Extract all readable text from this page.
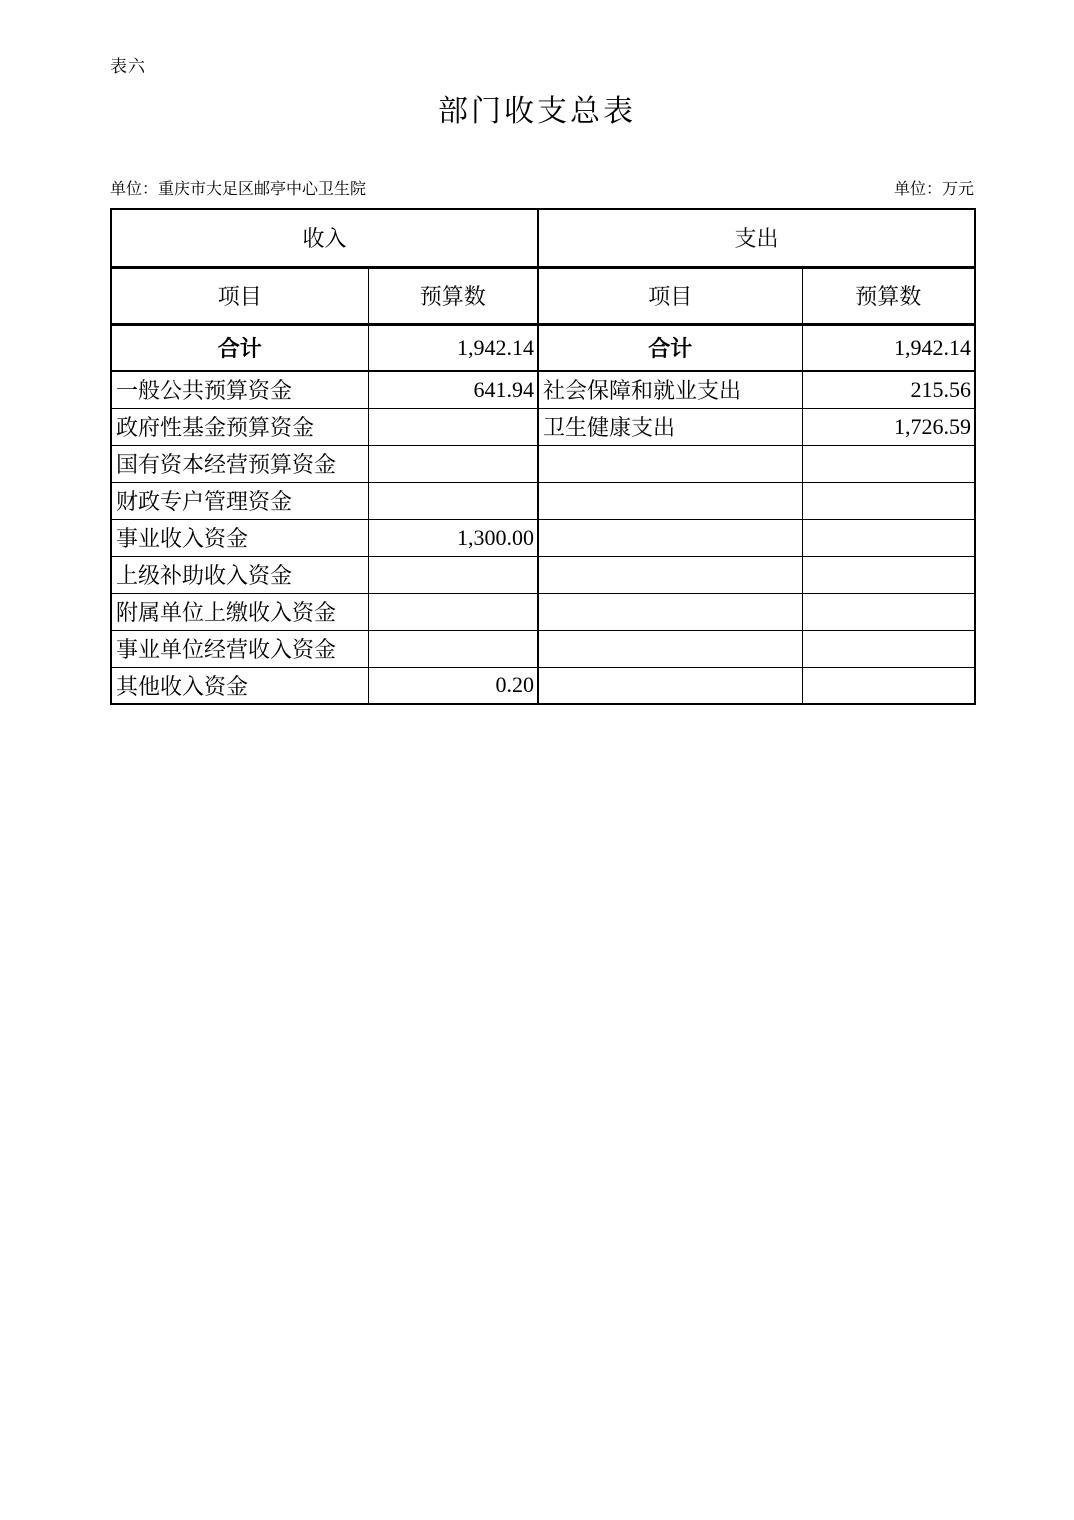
表六
部门收支总表
单位：重庆市大足区邮亭中心卫生院	单位：万元
收入		支出	
项目	预算数	项目	预算数
合计	1,942.14	合计	1,942.14
一般公共预算资金	641.94	社会保障和就业支出	215.56
政府性基金预算资金		卫生健康支出	1,726.59
国有资本经营预算资金			
财政专户管理资金			
事业收入资金	1,300.00		
上级补助收入资金			
附属单位上缴收入资金			
事业单位经营收入资金			
其他收入资金	0.20		
